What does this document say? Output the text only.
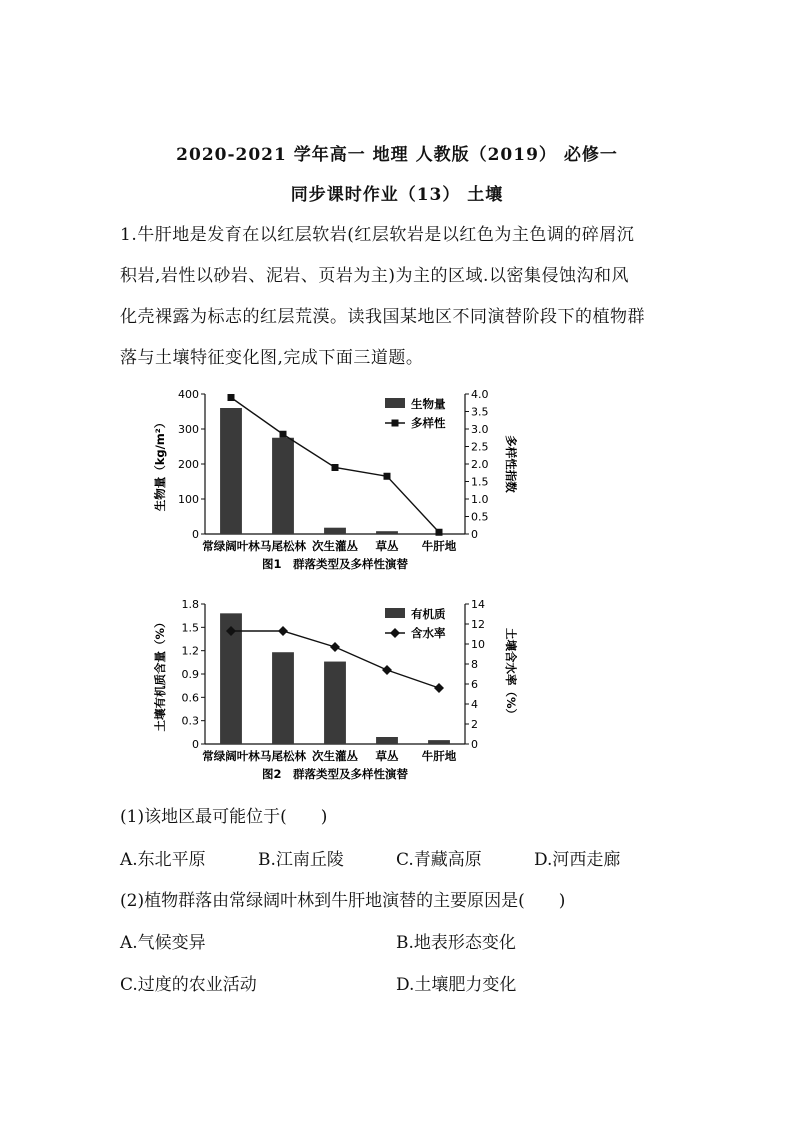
2020-2021 学年高一 地理 人教版（2019） 必修一
同步课时作业（13） 土壤
1.牛肝地是发育在以红层软岩(红层软岩是以红色为主色调的碎屑沉
积岩,岩性以砂岩、泥岩、页岩为主)为主的区域.以密集侵蚀沟和风
化壳裸露为标志的红层荒漠。读我国某地区不同演替阶段下的植物群
落与土壤特征变化图,完成下面三道题。
0
100
200
300
400
0
0.5
1.0
1.5
2.0
2.5
3.0
3.5
4.0
常绿阔叶林 马尾松林 次生灌丛 草丛 牛肝地
图1　群落类型及多样性演替
生物量（kg/m²）	多样性指数
生物量
多样性
0
0.3
0.6
0.9
1.2
1.5
1.8
0
2
4
6
8
10
12
14
常绿阔叶林 马尾松林 次生灌丛 草丛 牛肝地
图2　群落类型及多样性演替
土壤有机质含量（%）	土壤含水率（%）
有机质
含水率
(1)该地区最可能位于(　　)
A.东北平原	B.江南丘陵	C.青藏高原	D.河西走廊
(2)植物群落由常绿阔叶林到牛肝地演替的主要原因是(　　)
A.气候变异	B.地表形态变化
C.过度的农业活动	D.土壤肥力变化
